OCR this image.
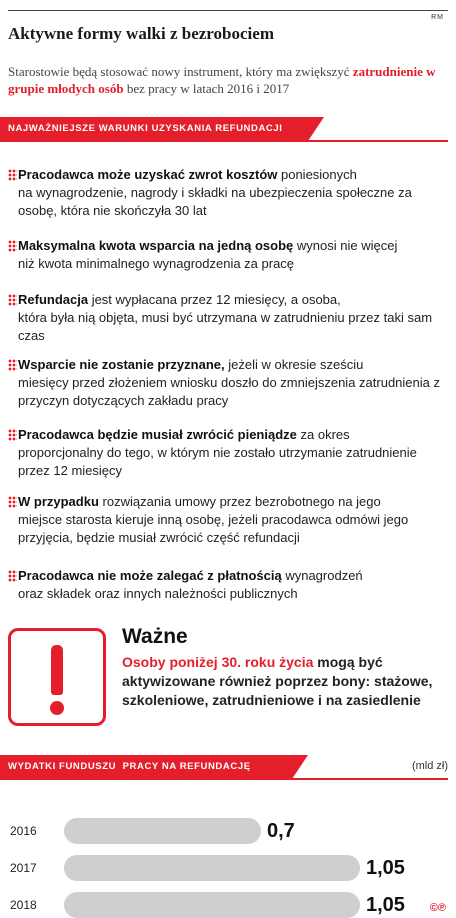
RM
Aktywne formy walki z bezrobociem
Starostowie będą stosować nowy instrument, który ma zwiększyć zatrudnienie w grupie młodych osób bez pracy w latach 2016 i 2017
NAJWAŻNIEJSZE WARUNKI UZYSKANIA REFUNDACJI
Pracodawca może uzyskać zwrot kosztów poniesionych
na wynagrodzenie, nagrody i składki na ubezpieczenia społeczne za osobę, która nie skończyła 30 lat
Maksymalna kwota wsparcia na jedną osobę wynosi nie więcej
niż kwota minimalnego wynagrodzenia za pracę
Refundacja jest wypłacana przez 12 miesięcy, a osoba,
która była nią objęta, musi być utrzymana w zatrudnieniu przez taki sam czas
Wsparcie nie zostanie przyznane, jeżeli w okresie sześciu
miesięcy przed złożeniem wniosku doszło do zmniejszenia zatrudnienia z przyczyn dotyczących zakładu pracy
Pracodawca będzie musiał zwrócić pieniądze za okres
proporcjonalny do tego, w którym nie zostało utrzymanie zatrudnienie przez 12 miesięcy
W przypadku rozwiązania umowy przez bezrobotnego na jego
miejsce starosta kieruje inną osobę, jeżeli pracodawca odmówi jego przyjęcia, będzie musiał zwrócić część refundacji
Pracodawca nie może zalegać z płatnością wynagrodzeń
oraz składek oraz innych należności publicznych
Ważne
Osoby poniżej 30. roku życia mogą być aktywizowane również poprzez bony: stażowe, szkoleniowe, zatrudnieniowe i na zasiedlenie
WYDATKI FUNDUSZU  PRACY NA REFUNDACJĘ	(mld zł)
2016	0,7
2017	1,05
2018	1,05 ©℗
